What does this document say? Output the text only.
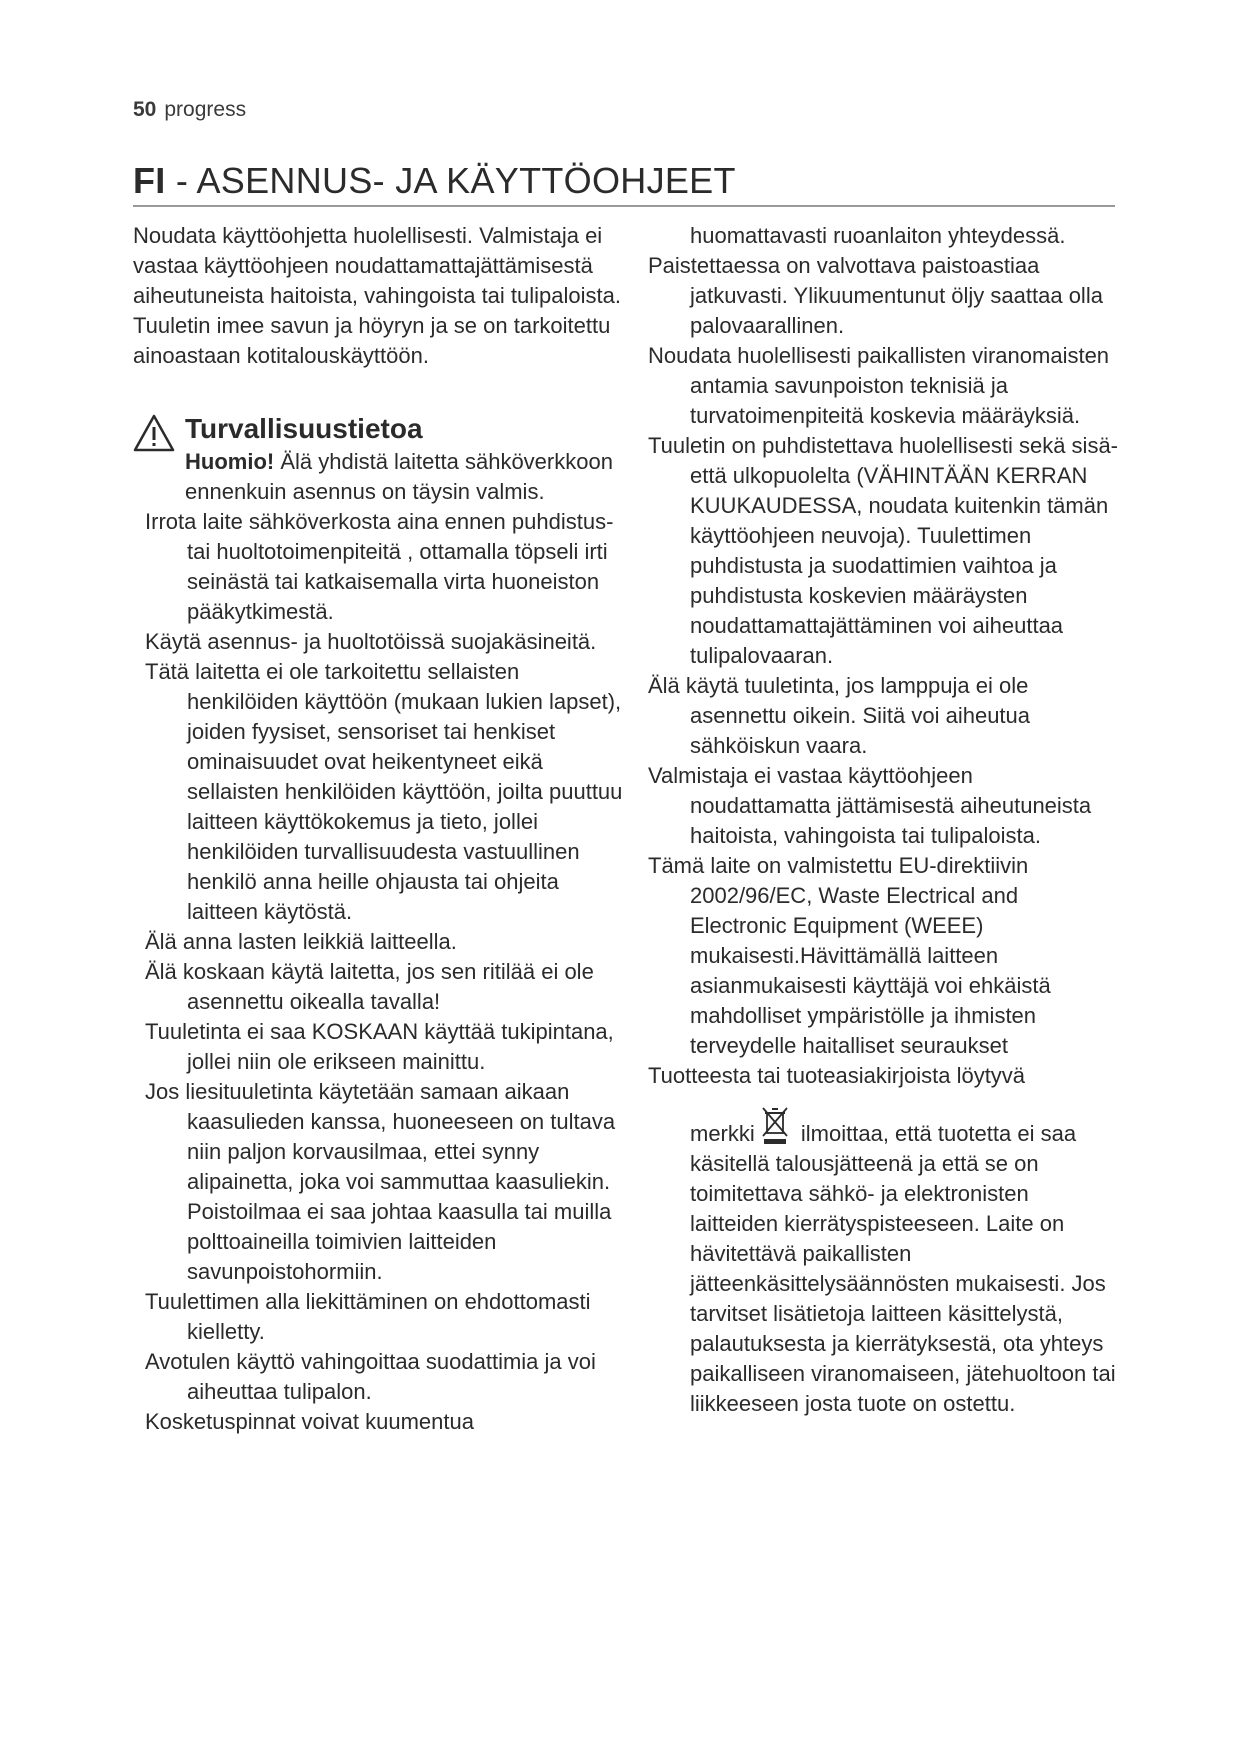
50 progress
FI - ASENNUS- JA KÄYTTÖOHJEET

Noudata käyttöohjetta huolellisesti. Valmistaja ei vastaa käyttöohjeen noudattamattajättämisestä aiheutuneista haitoista, vahingoista tai tulipaloista. Tuuletin imee savun ja höyryn ja se on tarkoitettu ainoastaan kotitalouskäyttöön.

Turvallisuustietoa

Huomio! Älä yhdistä laitetta sähköverkkoon ennenkuin asennus on täysin valmis.

Irrota laite sähköverkosta aina ennen puhdistus- tai huoltotoimenpiteitä , ottamalla töpseli irti seinästä tai katkaisemalla virta huoneiston pääkytkimestä.

Käytä asennus- ja huoltotöissä suojakäsineitä.

Tätä laitetta ei ole tarkoitettu sellaisten henkilöiden käyttöön (mukaan lukien lapset), joiden fyysiset, sensoriset tai henkiset ominaisuudet ovat heikentyneet eikä sellaisten henkilöiden käyttöön, joilta puuttuu laitteen käyttökokemus ja tieto, jollei henkilöiden turvallisuudesta vastuullinen henkilö anna heille ohjausta tai ohjeita laitteen käytöstä.

Älä anna lasten leikkiä laitteella.

Älä koskaan käytä laitetta, jos sen ritilää ei ole asennettu oikealla tavalla!

Tuuletinta ei saa KOSKAAN käyttää tukipintana, jollei niin ole erikseen mainittu.

Jos liesituuletinta käytetään samaan aikaan kaasulieden kanssa, huoneeseen on tultava niin paljon korvausilmaa, ettei synny alipainetta, joka voi sammuttaa kaasuliekin. Poistoilmaa ei saa johtaa kaasulla tai muilla polttoaineilla toimivien laitteiden savunpoistohormiin.

Tuulettimen alla liekittäminen on ehdottomasti kielletty.

Avotulen käyttö vahingoittaa suodattimia ja voi aiheuttaa tulipalon.

Kosketuspinnat voivat kuumentua

huomattavasti ruoanlaiton yhteydessä.

Paistettaessa on valvottava paistoastiaa jatkuvasti. Ylikuumentunut öljy saattaa olla palovaarallinen.

Noudata huolellisesti paikallisten viranomaisten antamia savunpoiston teknisiä ja turvatoimenpiteitä koskevia määräyksiä.

Tuuletin on puhdistettava huolellisesti sekä sisä- että ulkopuolelta (VÄHINTÄÄN KERRAN KUUKAUDESSA, noudata kuitenkin tämän käyttöohjeen neuvoja). Tuulettimen puhdistusta ja suodattimien vaihtoa ja puhdistusta koskevien määräysten noudattamattajättäminen voi aiheuttaa tulipalovaaran.

Älä käytä tuuletinta, jos lamppuja ei ole asennettu oikein. Siitä voi aiheutua sähköiskun vaara.

Valmistaja ei vastaa käyttöohjeen noudattamatta jättämisestä aiheutuneista haitoista, vahingoista tai tulipaloista.

Tämä laite on valmistettu EU-direktiivin 2002/96/EC, Waste Electrical and Electronic Equipment (WEEE) mukaisesti.Hävittämällä laitteen asianmukaisesti käyttäjä voi ehkäistä mahdolliset ympäristölle ja ihmisten terveydelle haitalliset seuraukset

Tuotteesta tai tuoteasiakirjoista löytyvä

merkki ilmoittaa, että tuotetta ei saa käsitellä talousjätteenä ja että se on toimitettava sähkö- ja elektronisten laitteiden kierrätyspisteeseen. Laite on hävitettävä paikallisten jätteenkäsittelysäännösten mukaisesti. Jos tarvitset lisätietoja laitteen käsittelystä, palautuksesta ja kierrätyksestä, ota yhteys paikalliseen viranomaiseen, jätehuoltoon tai liikkeeseen josta tuote on ostettu.
